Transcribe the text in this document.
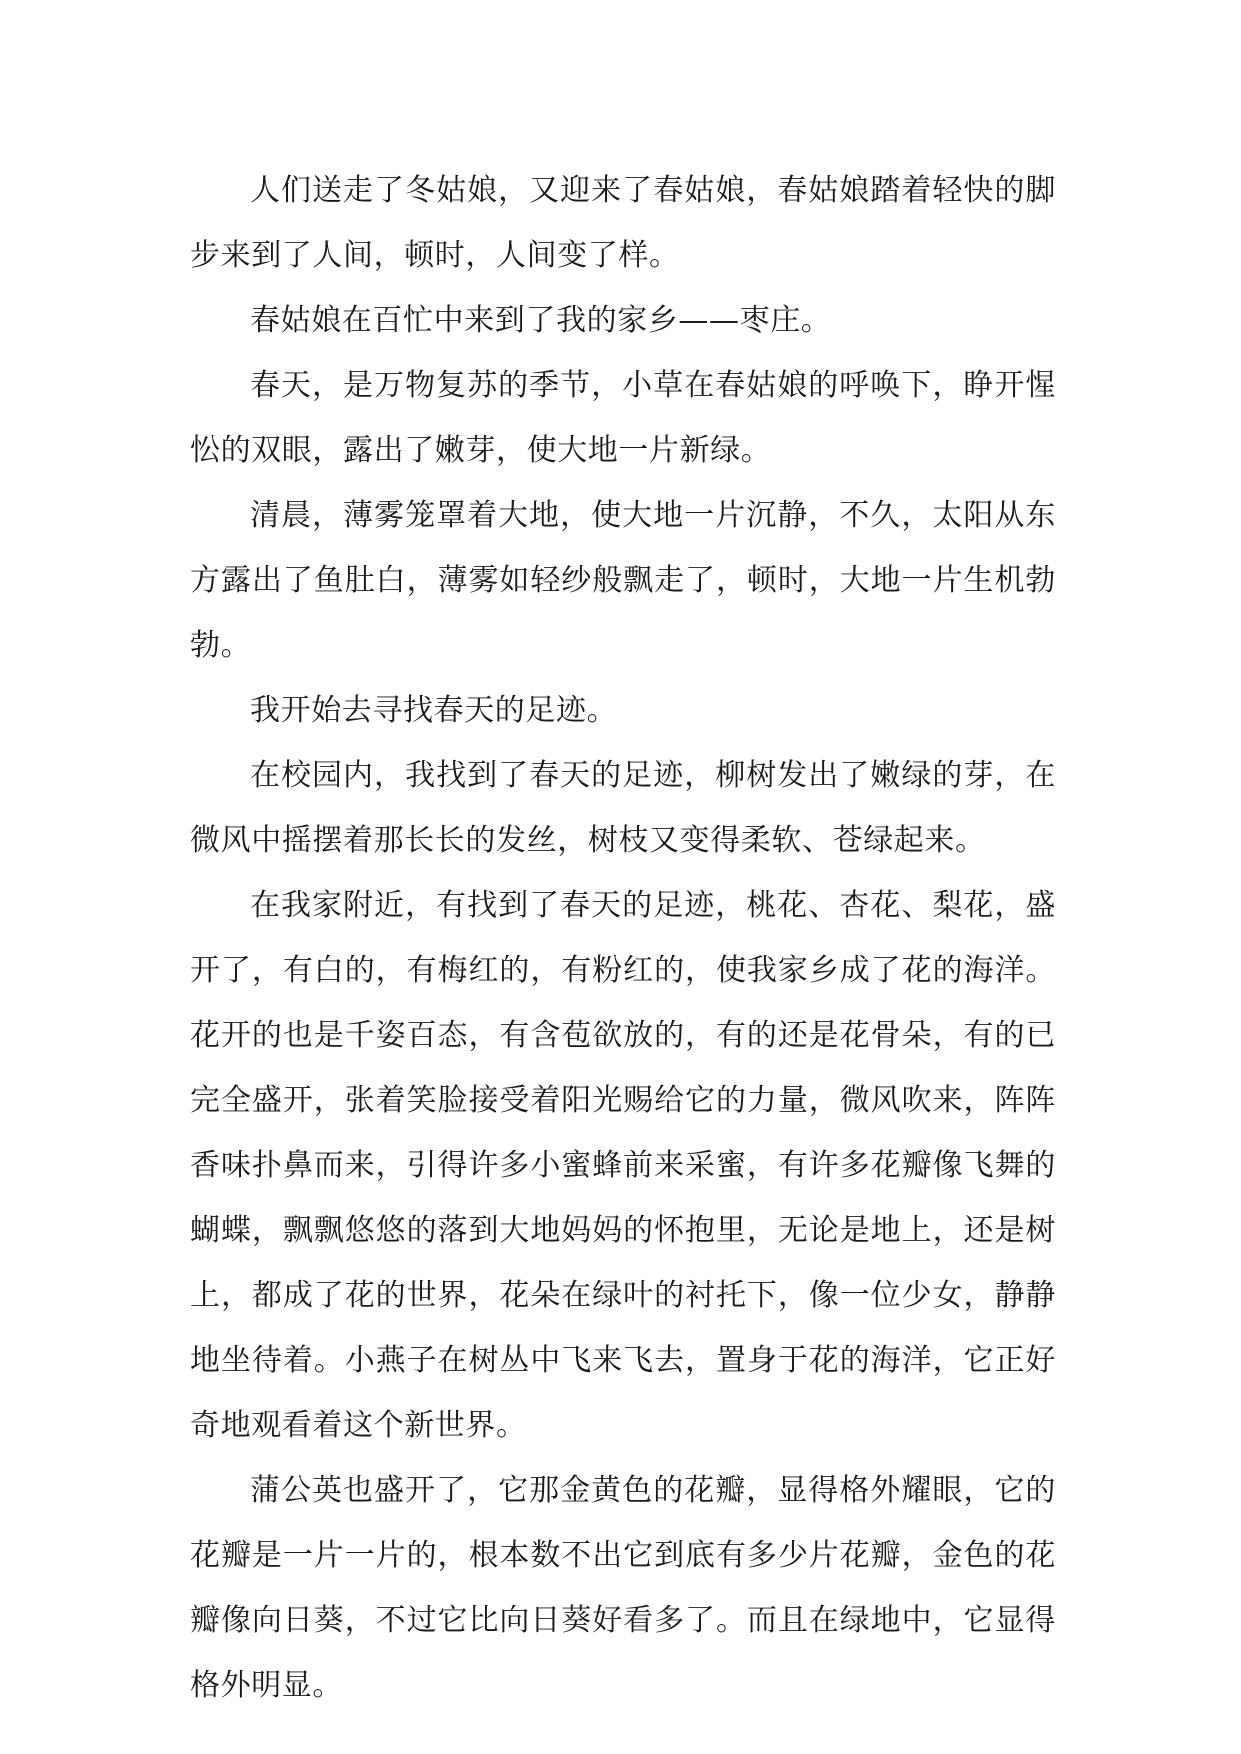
人们送走了冬姑娘，又迎来了春姑娘，春姑娘踏着轻快的脚步来到了人间，顿时，人间变了样。

春姑娘在百忙中来到了我的家乡——枣庄。

春天，是万物复苏的季节，小草在春姑娘的呼唤下，睁开惺忪的双眼，露出了嫩芽，使大地一片新绿。

清晨，薄雾笼罩着大地，使大地一片沉静，不久，太阳从东方露出了鱼肚白，薄雾如轻纱般飘走了，顿时，大地一片生机勃勃。

我开始去寻找春天的足迹。

在校园内，我找到了春天的足迹，柳树发出了嫩绿的芽，在微风中摇摆着那长长的发丝，树枝又变得柔软、苍绿起来。

在我家附近，有找到了春天的足迹，桃花、杏花、梨花，盛开了，有白的，有梅红的，有粉红的，使我家乡成了花的海洋。花开的也是千姿百态，有含苞欲放的，有的还是花骨朵，有的已完全盛开，张着笑脸接受着阳光赐给它的力量，微风吹来，阵阵香味扑鼻而来，引得许多小蜜蜂前来采蜜，有许多花瓣像飞舞的蝴蝶，飘飘悠悠的落到大地妈妈的怀抱里，无论是地上，还是树上，都成了花的世界，花朵在绿叶的衬托下，像一位少女，静静地坐待着。小燕子在树丛中飞来飞去，置身于花的海洋，它正好奇地观看着这个新世界。

蒲公英也盛开了，它那金黄色的花瓣，显得格外耀眼，它的花瓣是一片一片的，根本数不出它到底有多少片花瓣，金色的花瓣像向日葵，不过它比向日葵好看多了。而且在绿地中，它显得格外明显。
